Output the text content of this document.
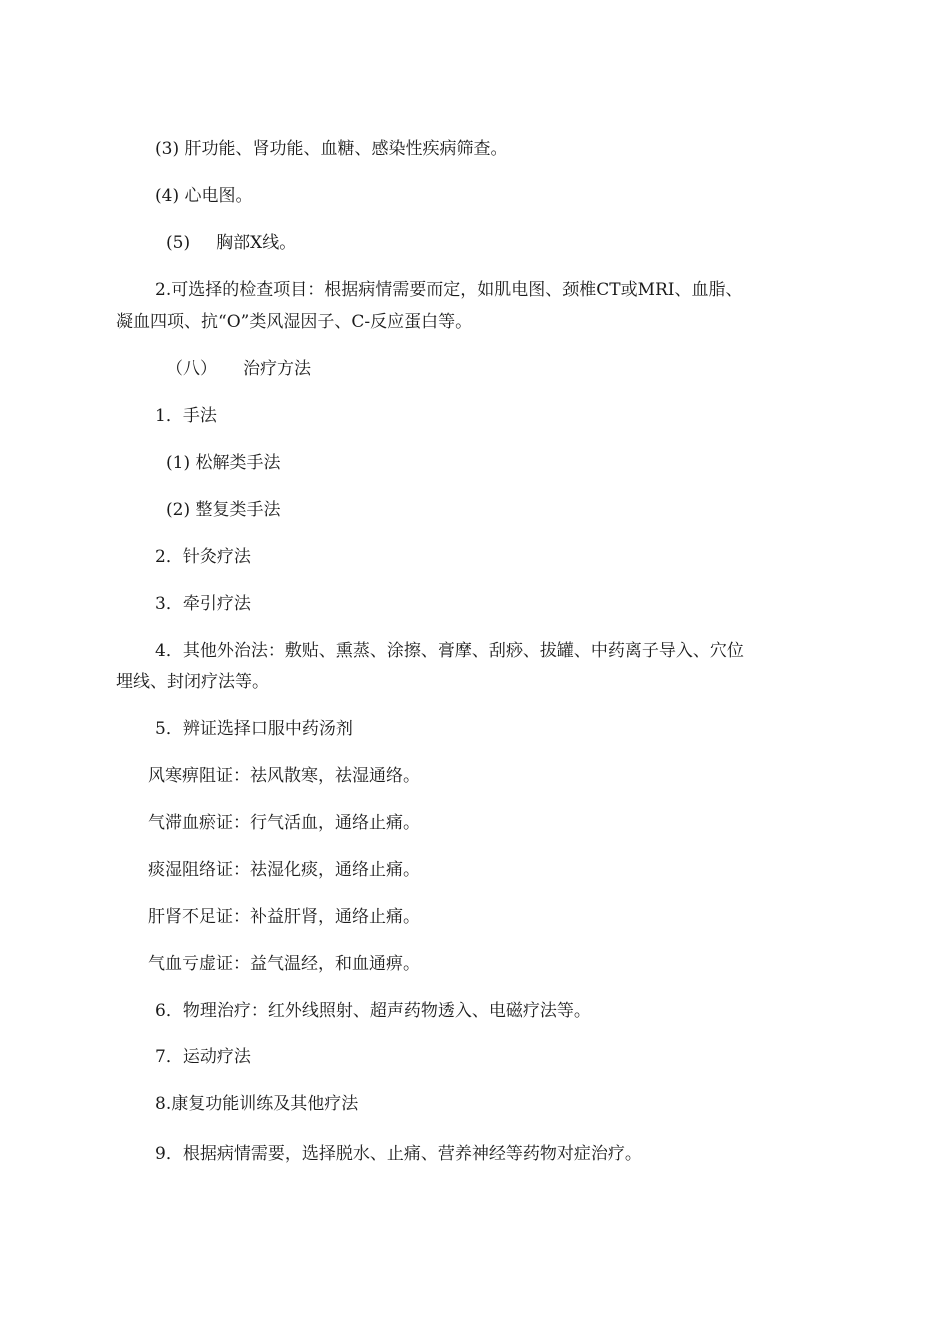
(3) 肝功能、肾功能、血糖、感染性疾病筛查。
(4) 心电图。
(5) 胸部X线。
2.可选择的检查项目：根据病情需要而定，如肌电图、颈椎CT或MRI、血脂、
凝血四项、抗“O”类风湿因子、C-反应蛋白等。
（八） 治疗方法
1．手法
(1) 松解类手法
(2) 整复类手法
2．针灸疗法
3．牵引疗法
4．其他外治法：敷贴、熏蒸、涂擦、膏摩、刮痧、拔罐、中药离子导入、穴位
埋线、封闭疗法等。
5．辨证选择口服中药汤剂
风寒痹阻证：祛风散寒，祛湿通络。
气滞血瘀证：行气活血，通络止痛。
痰湿阻络证：祛湿化痰，通络止痛。
肝肾不足证：补益肝肾，通络止痛。
气血亏虚证：益气温经，和血通痹。
6．物理治疗：红外线照射、超声药物透入、电磁疗法等。
7．运动疗法
8.康复功能训练及其他疗法
9．根据病情需要，选择脱水、止痛、营养神经等药物对症治疗。
